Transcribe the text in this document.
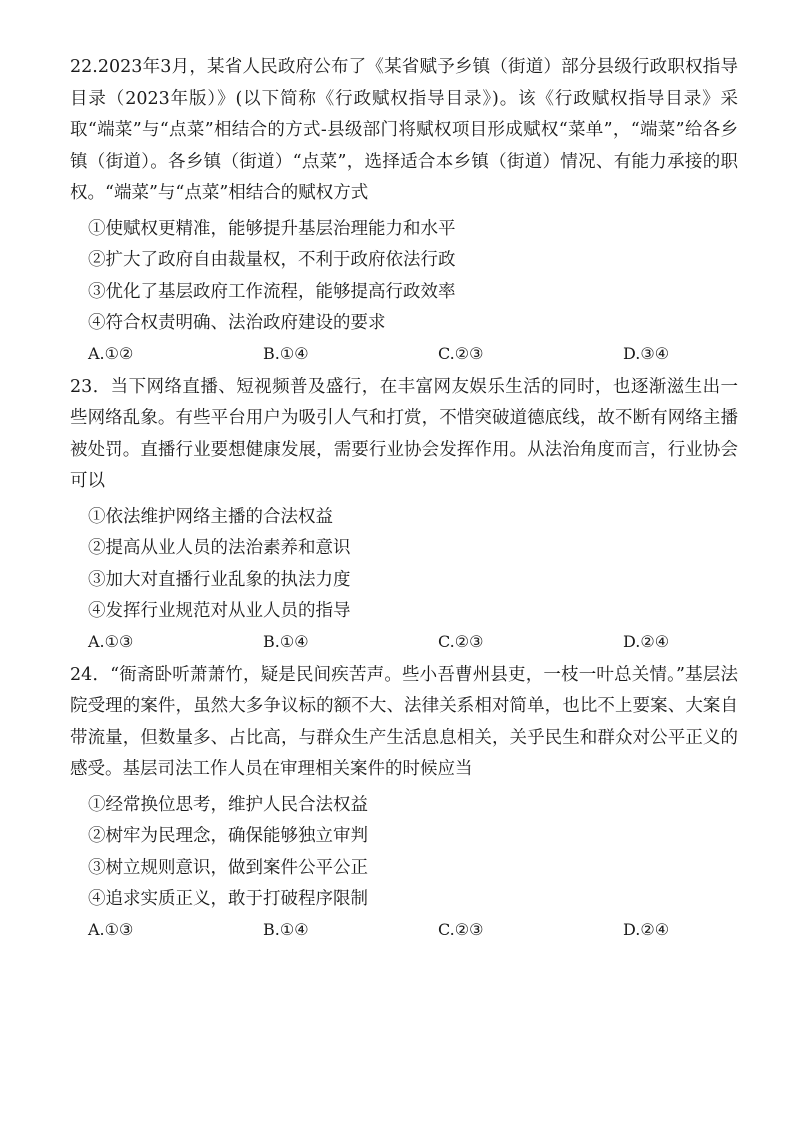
22.2023年3月，某省人民政府公布了《某省赋予乡镇（街道）部分县级行政职权指导目录（2023年版）》(以下简称《行政赋权指导目录》)。该《行政赋权指导目录》采取“端菜”与“点菜”相结合的方式-县级部门将赋权项目形成赋权“菜单”，“端菜”给各乡镇（街道）。各乡镇（街道）“点菜”，选择适合本乡镇（街道）情况、有能力承接的职权。“端菜”与“点菜”相结合的赋权方式

①使赋权更精准，能够提升基层治理能力和水平

②扩大了政府自由裁量权，不利于政府依法行政

③优化了基层政府工作流程，能够提高行政效率

④符合权责明确、法治政府建设的要求

A.①②	B.①④	C.②③	D.③④

23．当下网络直播、短视频普及盛行，在丰富网友娱乐生活的同时，也逐渐滋生出一些网络乱象。有些平台用户为吸引人气和打赏，不惜突破道德底线，故不断有网络主播被处罚。直播行业要想健康发展，需要行业协会发挥作用。从法治角度而言，行业协会可以

①依法维护网络主播的合法权益

②提高从业人员的法治素养和意识

③加大对直播行业乱象的执法力度

④发挥行业规范对从业人员的指导

A.①③	B.①④	C.②③	D.②④

24．“衙斋卧听萧萧竹，疑是民间疾苦声。些小吾曹州县吏，一枝一叶总关情。”基层法院受理的案件，虽然大多争议标的额不大、法律关系相对简单，也比不上要案、大案自带流量，但数量多、占比高，与群众生产生活息息相关，关乎民生和群众对公平正义的感受。基层司法工作人员在审理相关案件的时候应当

①经常换位思考，维护人民合法权益

②树牢为民理念，确保能够独立审判

③树立规则意识，做到案件公平公正

④追求实质正义，敢于打破程序限制

A.①③	B.①④	C.②③	D.②④
